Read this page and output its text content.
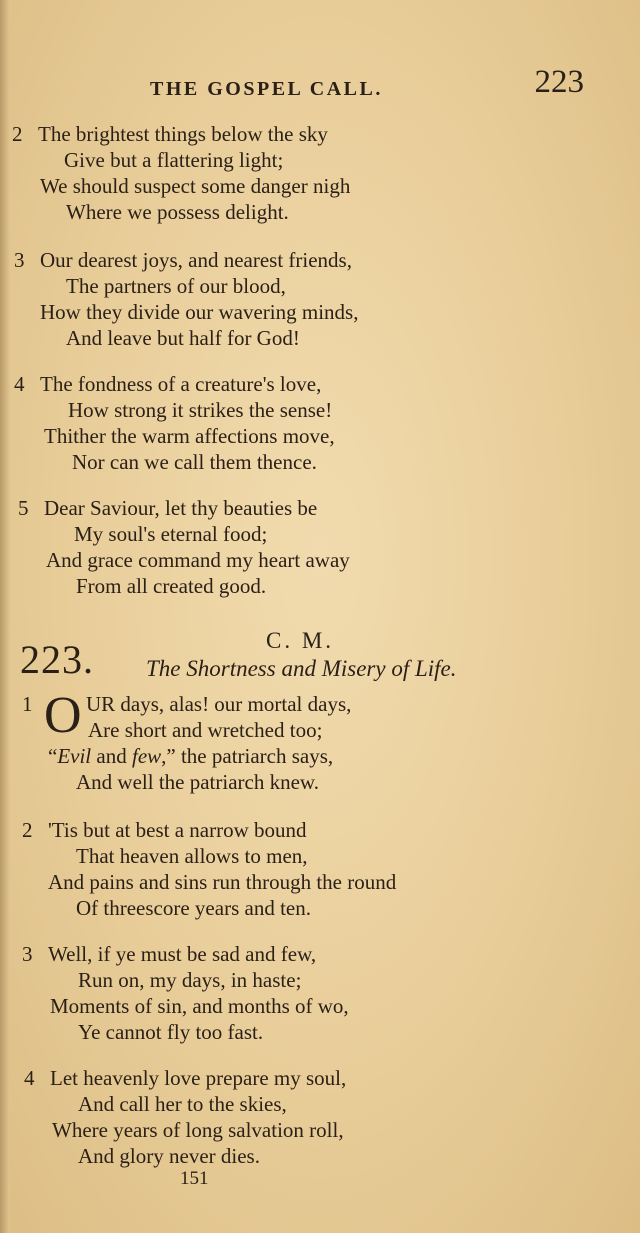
THE GOSPEL CALL.	223
2 The brightest things below the sky
Give but a flattering light;
We should suspect some danger nigh
Where we possess delight.
3 Our dearest joys, and nearest friends,
The partners of our blood,
How they divide our wavering minds,
And leave but half for God!
4 The fondness of a creature's love,
How strong it strikes the sense!
Thither the warm affections move,
Nor can we call them thence.
5 Dear Saviour, let thy beauties be
My soul's eternal food;
And grace command my heart away
From all created good.
223.	C. M.
The Shortness and Misery of Life.
1 O UR days, alas! our mortal days,
Are short and wretched too;
“Evil and few,” the patriarch says,
And well the patriarch knew.
2 'Tis but at best a narrow bound
That heaven allows to men,
And pains and sins run through the round
Of threescore years and ten.
3 Well, if ye must be sad and few,
Run on, my days, in haste;
Moments of sin, and months of wo,
Ye cannot fly too fast.
4 Let heavenly love prepare my soul,
And call her to the skies,
Where years of long salvation roll,
And glory never dies.
151
